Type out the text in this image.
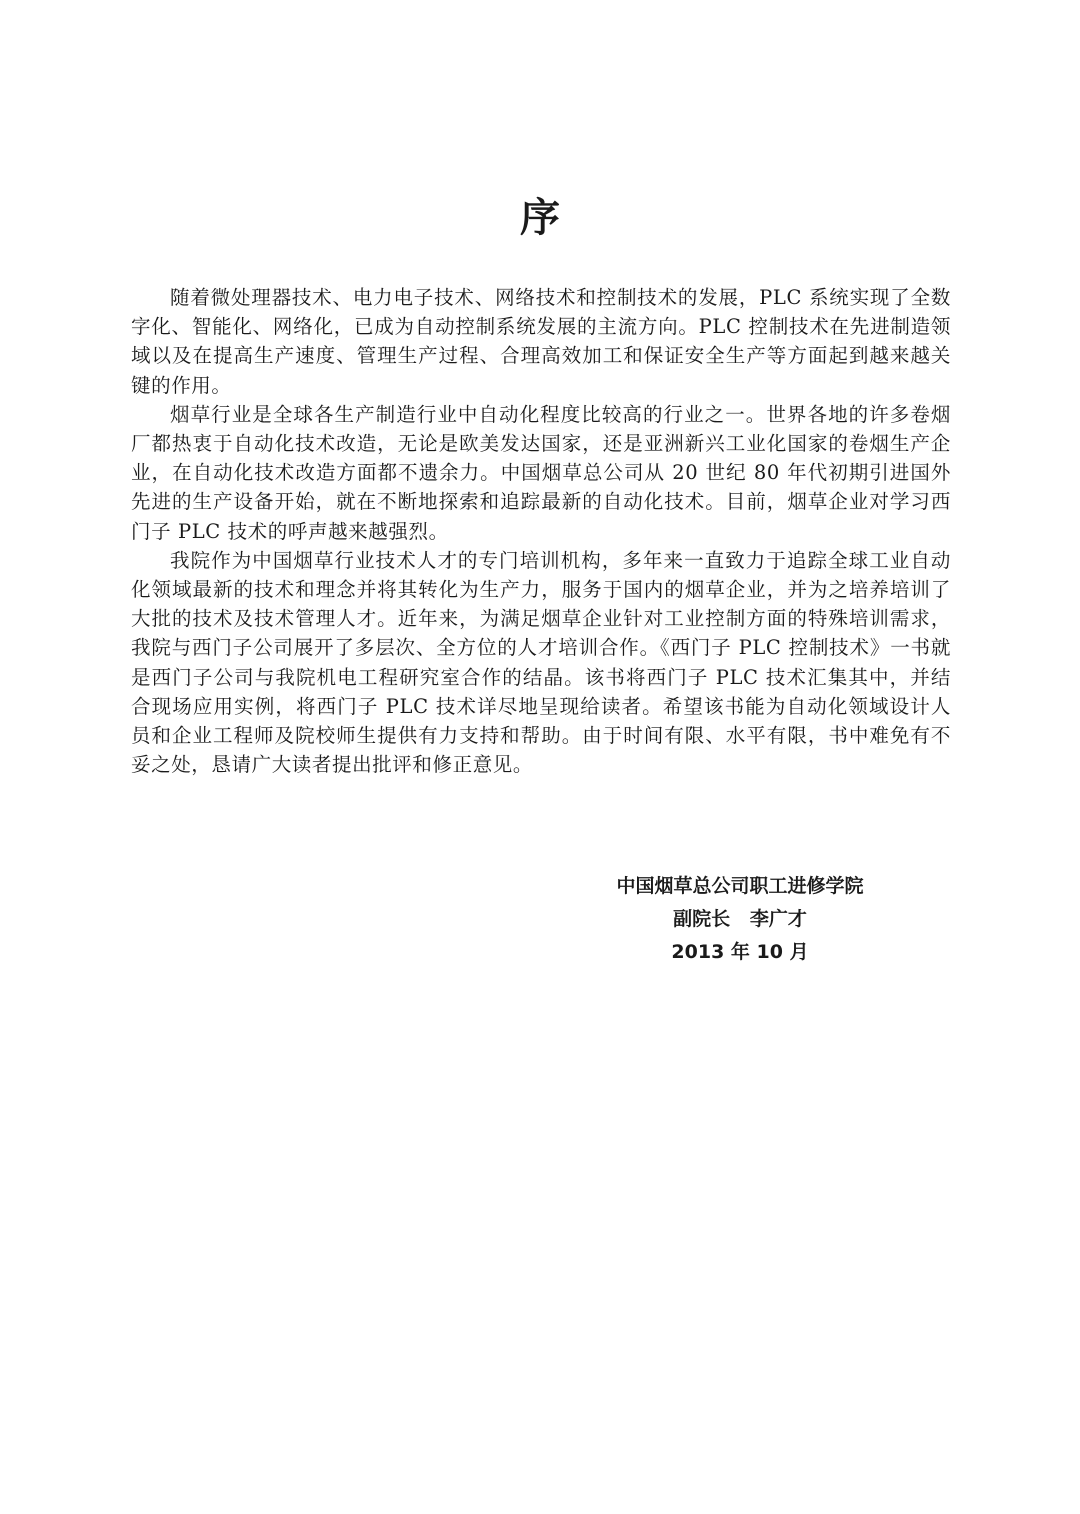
序

随着微处理器技术、电力电子技术、网络技术和控制技术的发展，PLC 系统实现了全数字化、智能化、网络化，已成为自动控制系统发展的主流方向。PLC 控制技术在先进制造领域以及在提高生产速度、管理生产过程、合理高效加工和保证安全生产等方面起到越来越关键的作用。

烟草行业是全球各生产制造行业中自动化程度比较高的行业之一。世界各地的许多卷烟厂都热衷于自动化技术改造，无论是欧美发达国家，还是亚洲新兴工业化国家的卷烟生产企业，在自动化技术改造方面都不遗余力。中国烟草总公司从 20 世纪 80 年代初期引进国外先进的生产设备开始，就在不断地探索和追踪最新的自动化技术。目前，烟草企业对学习西门子 PLC 技术的呼声越来越强烈。

我院作为中国烟草行业技术人才的专门培训机构，多年来一直致力于追踪全球工业自动化领域最新的技术和理念并将其转化为生产力，服务于国内的烟草企业，并为之培养培训了大批的技术及技术管理人才。近年来，为满足烟草企业针对工业控制方面的特殊培训需求，我院与西门子公司展开了多层次、全方位的人才培训合作。《西门子 PLC 控制技术》一书就是西门子公司与我院机电工程研究室合作的结晶。该书将西门子 PLC 技术汇集其中，并结合现场应用实例，将西门子 PLC 技术详尽地呈现给读者。希望该书能为自动化领域设计人员和企业工程师及院校师生提供有力支持和帮助。由于时间有限、水平有限，书中难免有不妥之处，恳请广大读者提出批评和修正意见。

中国烟草总公司职工进修学院
副院长   李广才
2013 年 10 月
